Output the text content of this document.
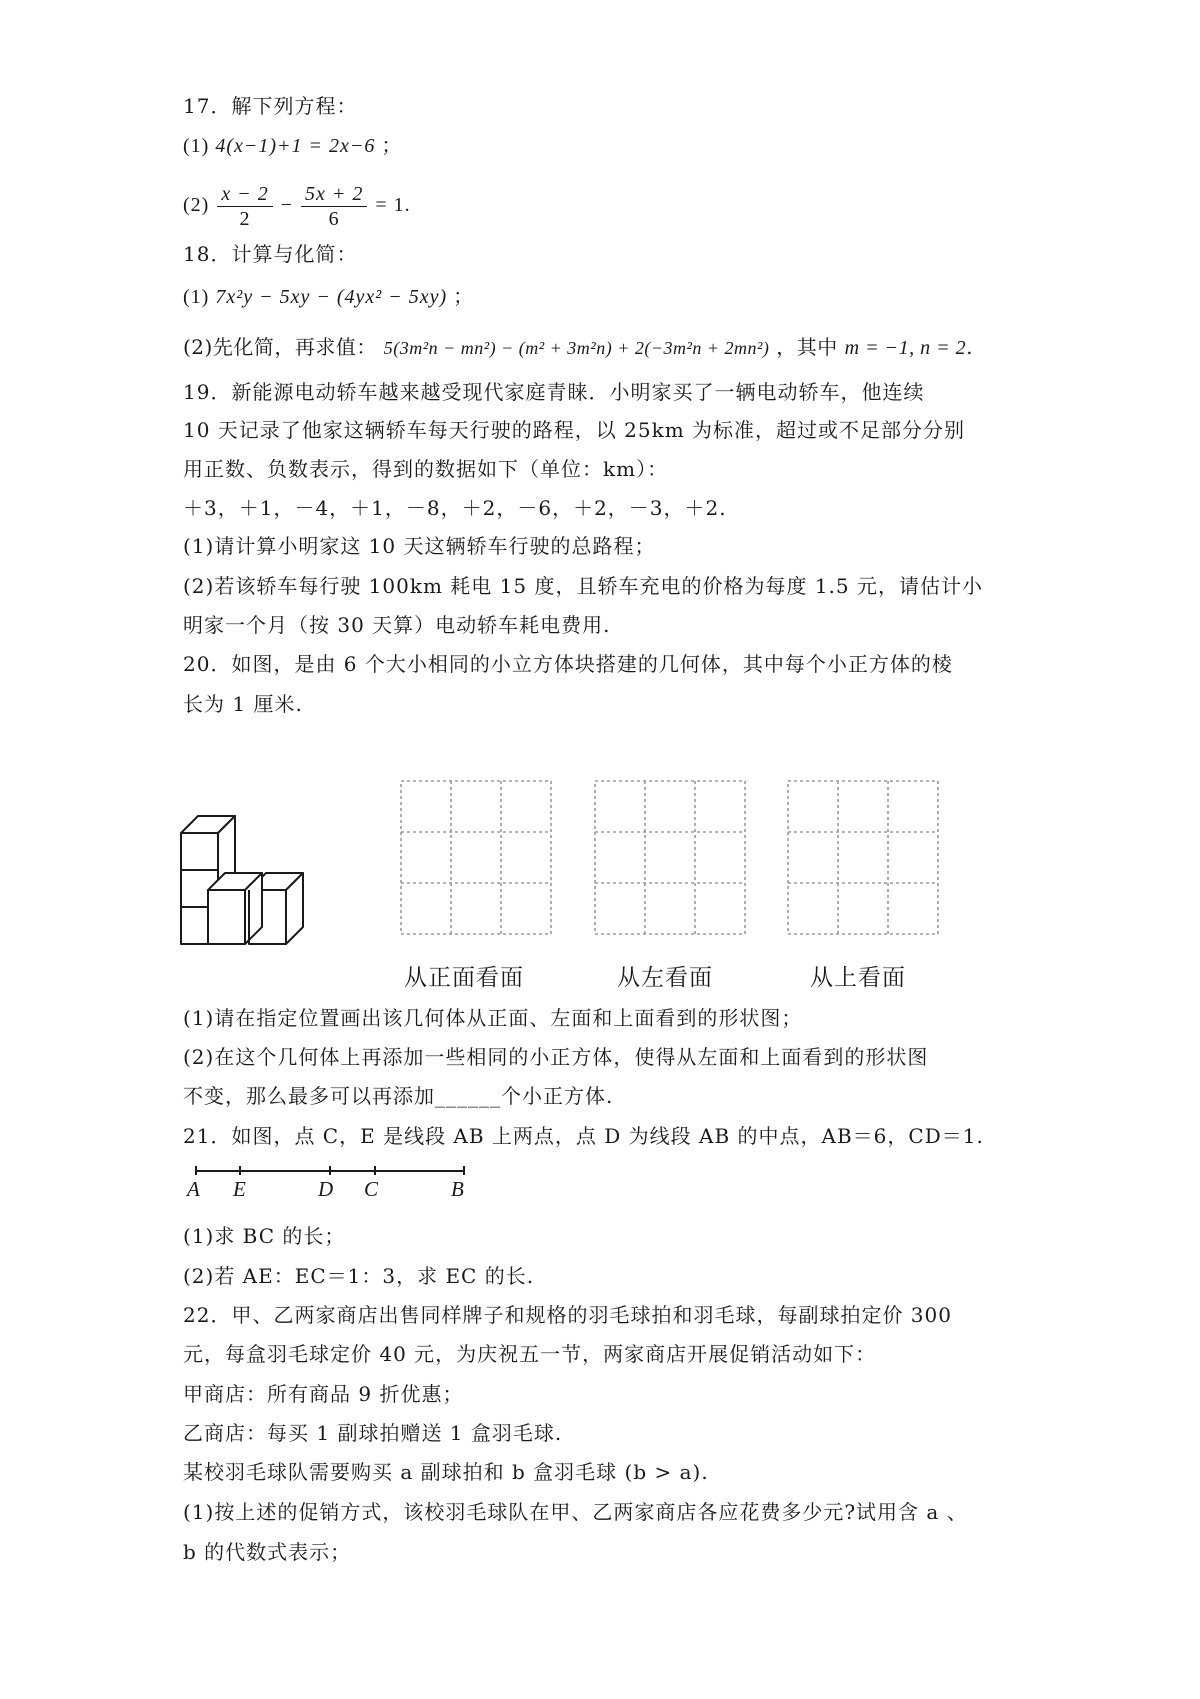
17．解下列方程：
(1) 4(x−1)+1 = 2x−6 ；
$(2) \frac{x - 2}{2} - \frac{5x + 2}{6} = 1$.
18．计算与化简：
(1) 7x²y − 5xy − (4yx² − 5xy) ；
(2)先化简，再求值： 5(3m²n − mn²) − (m² + 3m²n) + 2(−3m²n + 2mn²) ，其中 m = −1, n = 2.
19．新能源电动轿车越来越受现代家庭青睐．小明家买了一辆电动轿车，他连续
10 天记录了他家这辆轿车每天行驶的路程，以 25km 为标准，超过或不足部分分别
用正数、负数表示，得到的数据如下（单位：km）：
＋3，＋1，－4，＋1，－8，＋2，－6，＋2，－3，＋2.
(1)请计算小明家这 10 天这辆轿车行驶的总路程；
(2)若该轿车每行驶 100km 耗电 15 度，且轿车充电的价格为每度 1.5 元，请估计小
明家一个月（按 30 天算）电动轿车耗电费用.
20．如图，是由 6 个大小相同的小立方体块搭建的几何体，其中每个小正方体的棱
长为 1 厘米.
从正面看面	从左看面	从上看面
(1)请在指定位置画出该几何体从正面、左面和上面看到的形状图；
(2)在这个几何体上再添加一些相同的小正方体，使得从左面和上面看到的形状图
不变，那么最多可以再添加______个小正方体.
21．如图，点 C，E 是线段 AB 上两点，点 D 为线段 AB 的中点，AB＝6，CD＝1.
A E	D C	B
(1)求 BC 的长；
(2)若 AE：EC＝1：3，求 EC 的长.
22．甲、乙两家商店出售同样牌子和规格的羽毛球拍和羽毛球，每副球拍定价 300
元，每盒羽毛球定价 40 元，为庆祝五一节，两家商店开展促销活动如下：
甲商店：所有商品 9 折优惠；
乙商店：每买 1 副球拍赠送 1 盒羽毛球.
某校羽毛球队需要购买 a 副球拍和 b 盒羽毛球 (b > a).
(1)按上述的促销方式，该校羽毛球队在甲、乙两家商店各应花费多少元?试用含 a 、
b 的代数式表示；
